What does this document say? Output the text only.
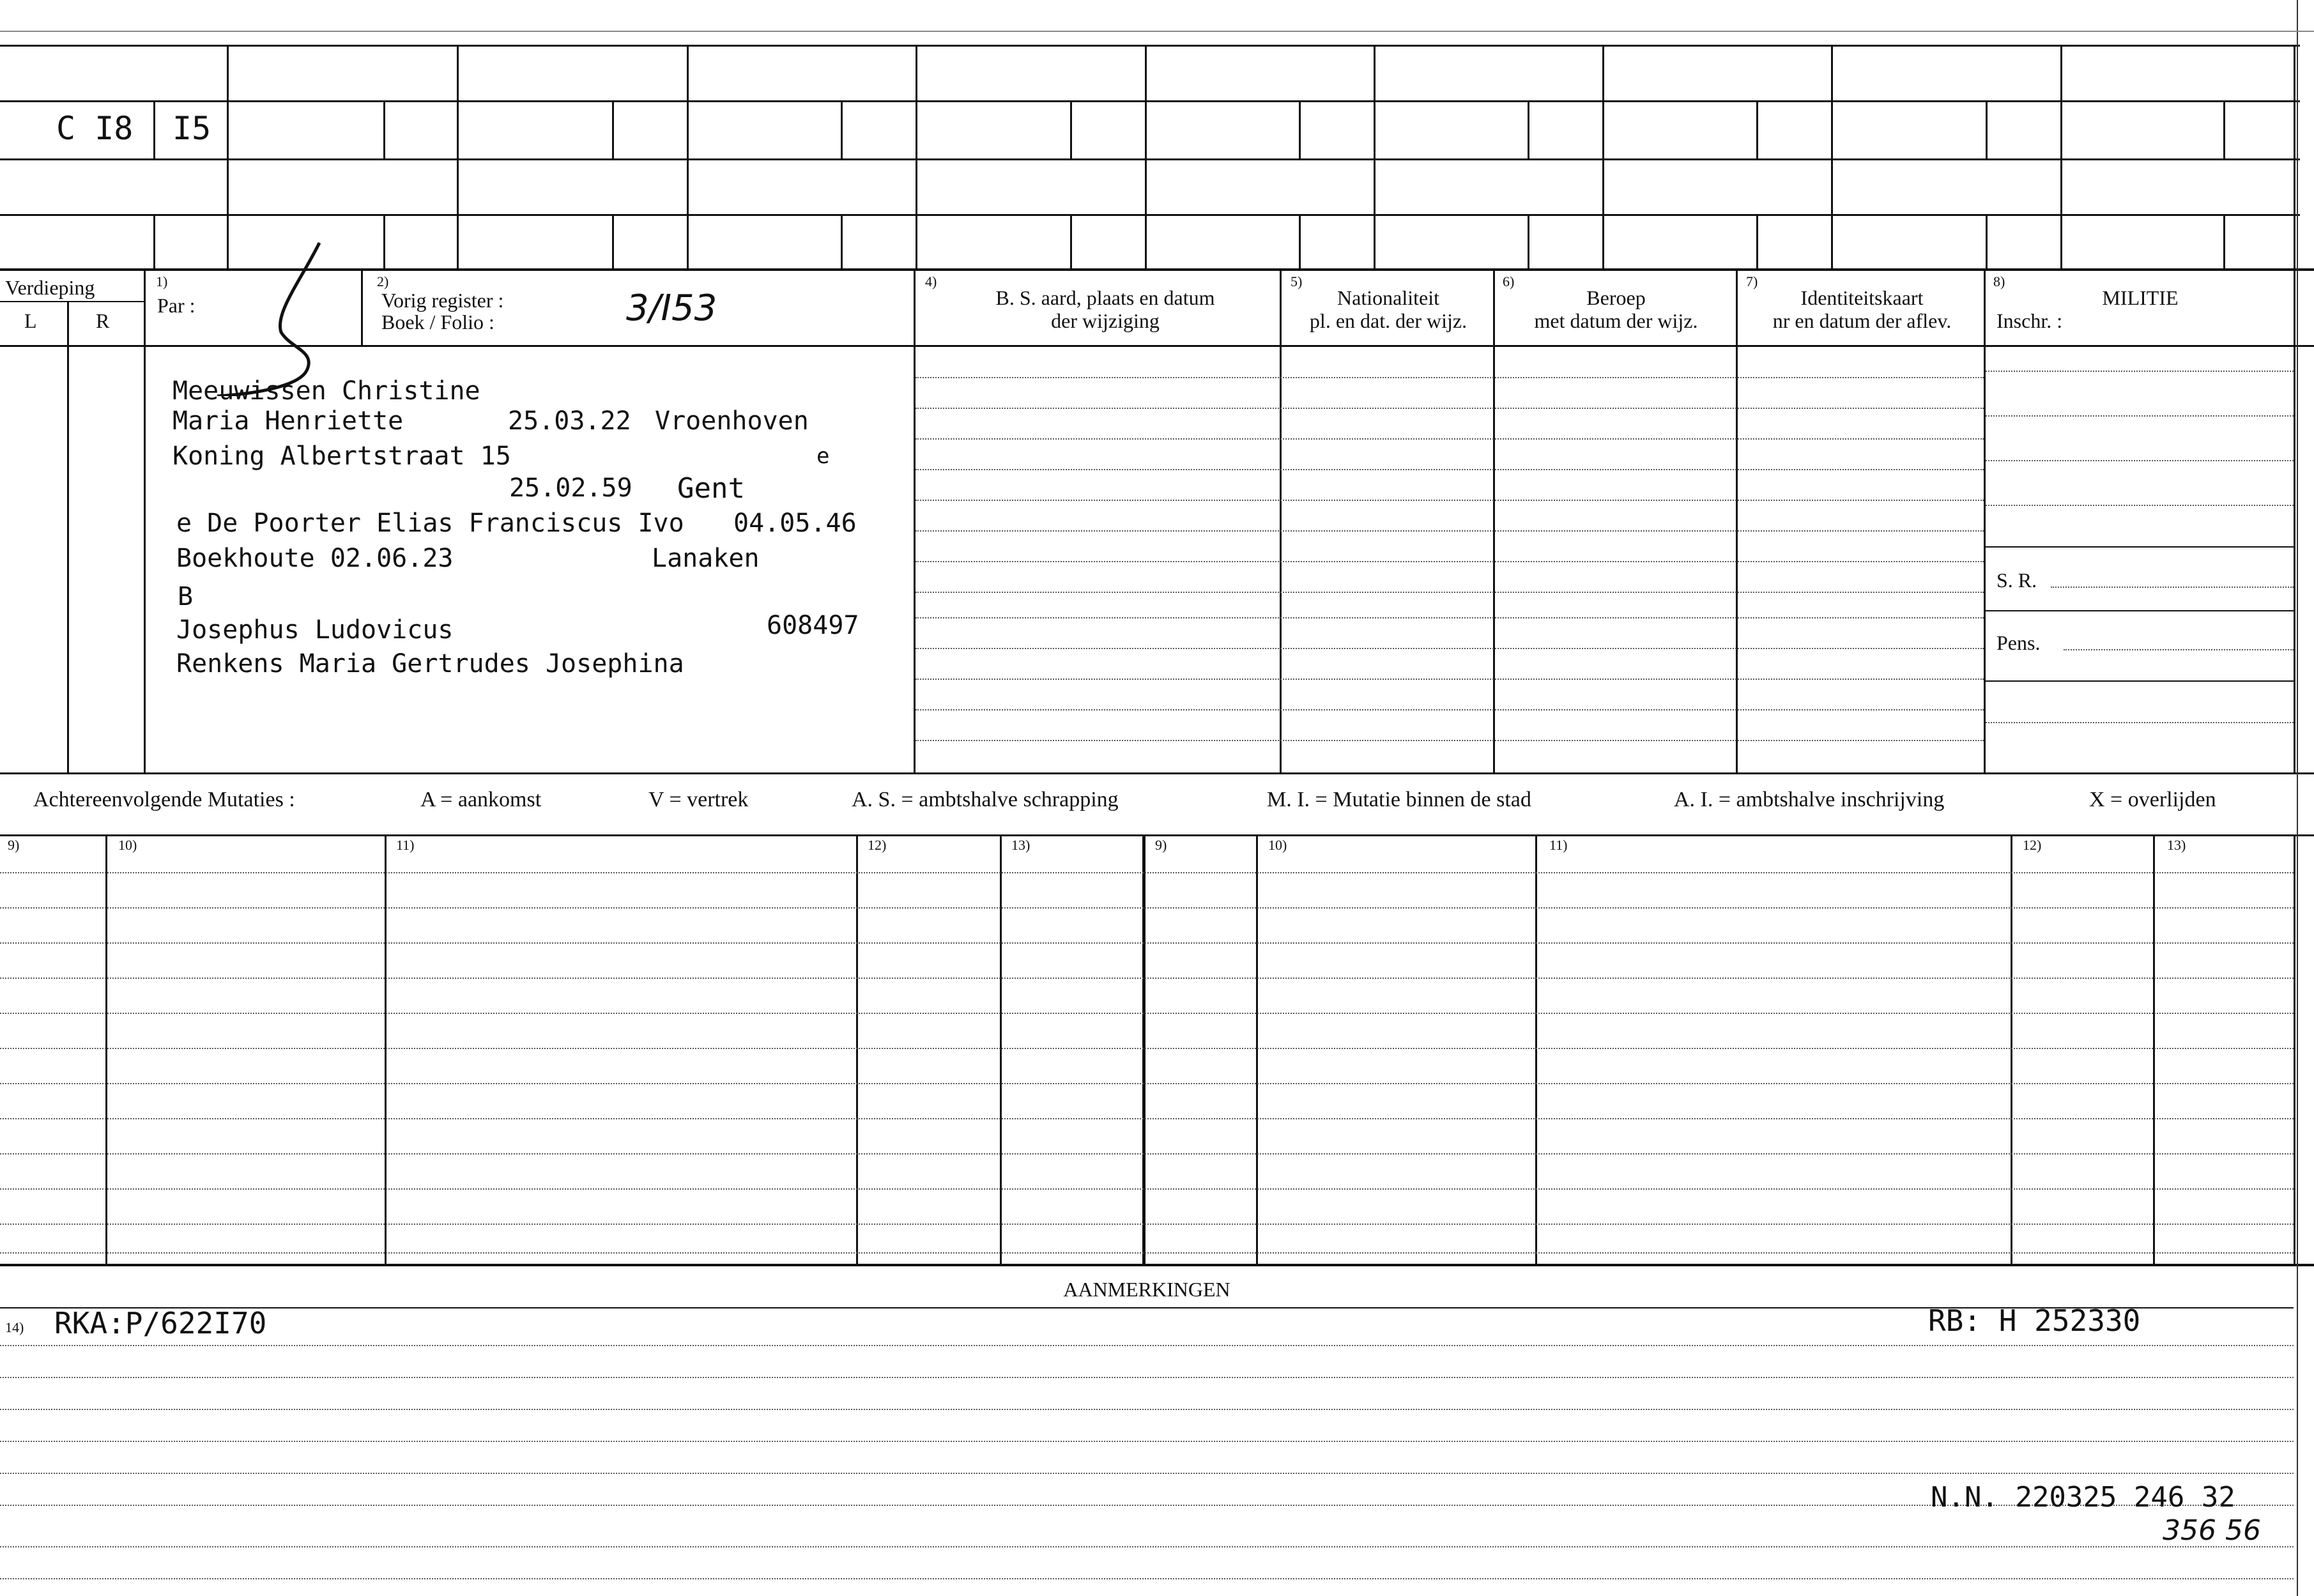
C I8 I5
Verdieping
L	R
1)
Par :
2)
Vorig register :
Boek / Folio :	3/I53
4)
B. S. aard, plaats en datum
der wijziging
5)
Nationaliteit
pl. en dat. der wijz.
6)
Beroep
met datum der wijz.
7)
Identiteitskaart
nr en datum der aflev.
8)
MILITIE
Inschr. :
S. R.
Pens.
Meeuwissen Christine
Maria Henriette	25.03.22 Vroenhoven
Koning Albertstraat 15	e
25.02.59 Gent
e De Poorter Elias Franciscus Ivo 04.05.46
Boekhoute 02.06.23	Lanaken
B
Josephus Ludovicus	608497
Renkens Maria Gertrudes Josephina
Achtereenvolgende Mutaties :	A = aankomst	V = vertrek	A. S. = ambtshalve schrapping	M. I. = Mutatie binnen de stad	A. I. = ambtshalve inschrijving	X = overlijden
9)	10)	11)	12)	13)	9)	10)	11)	12)	13)
AANMERKINGEN
14) RKA:P/622I70	RB: H 252330
N.N. 220325 246 32
356 56
